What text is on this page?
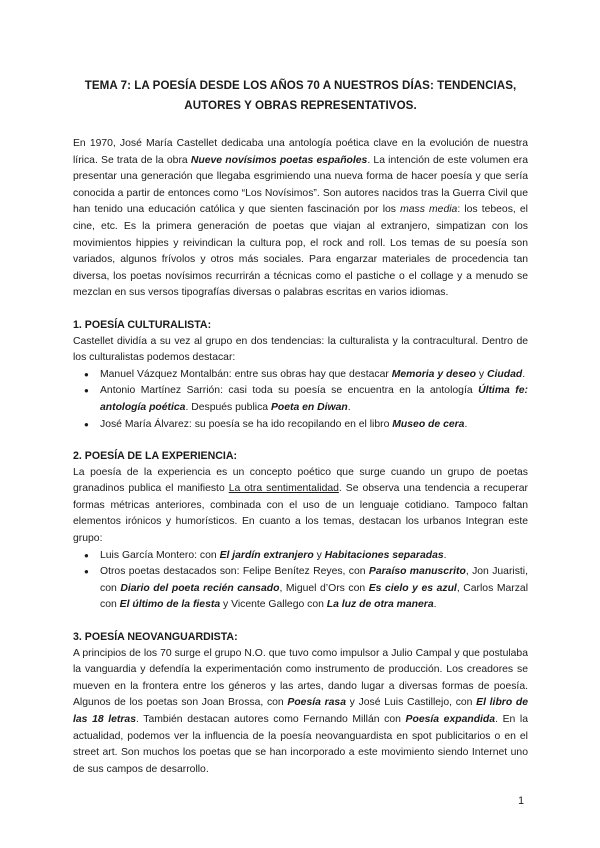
TEMA 7: LA POESÍA DESDE LOS AÑOS 70 A NUESTROS DÍAS: TENDENCIAS,
AUTORES Y OBRAS REPRESENTATIVOS.

En 1970, José María Castellet dedicaba una antología poética clave en la evolución de nuestra lírica. Se trata de la obra Nueve novísimos poetas españoles. La intención de este volumen era presentar una generación que llegaba esgrimiendo una nueva forma de hacer poesía y que sería conocida a partir de entonces como “Los Novísimos”. Son autores nacidos tras la Guerra Civil que han tenido una educación católica y que sienten fascinación por los mass media: los tebeos, el cine, etc. Es la primera generación de poetas que viajan al extranjero, simpatizan con los movimientos hippies y reivindican la cultura pop, el rock and roll. Los temas de su poesía son variados, algunos frívolos y otros más sociales. Para engarzar materiales de procedencia tan diversa, los poetas novísimos recurrirán a técnicas como el pastiche o el collage y a menudo se mezclan en sus versos tipografías diversas o palabras escritas en varios idiomas.

1. POESÍA CULTURALISTA:

Castellet dividía a su vez al grupo en dos tendencias: la culturalista y la contracultural. Dentro de los culturalistas podemos destacar:

● Manuel Vázquez Montalbán: entre sus obras hay que destacar Memoria y deseo y Ciudad.
● Antonio Martínez Sarrión: casi toda su poesía se encuentra en la antología Última fe: antología poética. Después publica Poeta en Diwan.
● José María Álvarez: su poesía se ha ido recopilando en el libro Museo de cera.
2. POESÍA DE LA EXPERIENCIA:

La poesía de la experiencia es un concepto poético que surge cuando un grupo de poetas granadinos publica el manifiesto La otra sentimentalidad. Se observa una tendencia a recuperar formas métricas anteriores, combinada con el uso de un lenguaje cotidiano. Tampoco faltan elementos irónicos y humorísticos. En cuanto a los temas, destacan los urbanos Integran este grupo:

● Luis García Montero: con El jardín extranjero y Habitaciones separadas.
● Otros poetas destacados son: Felipe Benítez Reyes, con Paraíso manuscrito, Jon Juaristi, con Diario del poeta recién cansado, Miguel d’Ors con Es cielo y es azul, Carlos Marzal con El último de la fiesta y Vicente Gallego con La luz de otra manera.
3. POESÍA NEOVANGUARDISTA:

A principios de los 70 surge el grupo N.O. que tuvo como impulsor a Julio Campal y que postulaba la vanguardia y defendía la experimentación como instrumento de producción. Los creadores se mueven en la frontera entre los géneros y las artes, dando lugar a diversas formas de poesía. Algunos de los poetas son Joan Brossa, con Poesía rasa y José Luis Castillejo, con El libro de las 18 letras. También destacan autores como Fernando Millán con Poesía expandida. En la actualidad, podemos ver la influencia de la poesía neovanguardista en spot publicitarios o en el street art. Son muchos los poetas que se han incorporado a este movimiento siendo Internet uno de sus campos de desarrollo.

1
